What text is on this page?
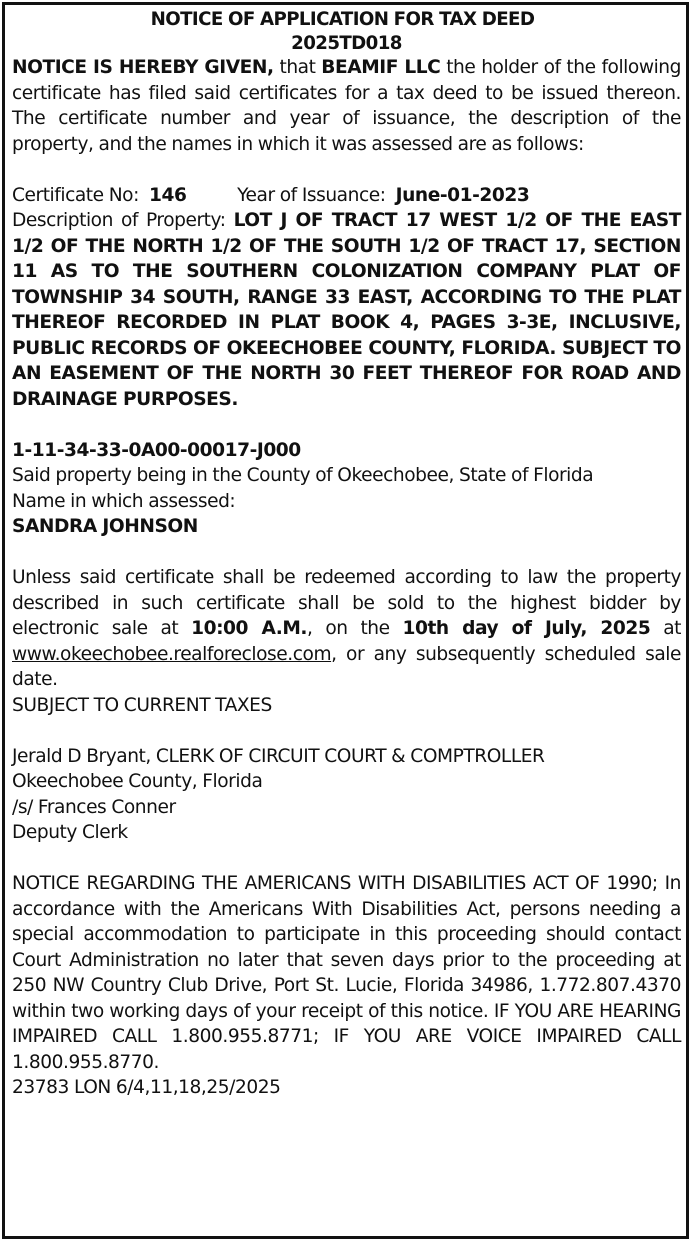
NOTICE OF APPLICATION FOR TAX DEED
2025TD018

NOTICE IS HEREBY GIVEN, that BEAMIF LLC the holder of the following certificate has filed said certificates for a tax deed to be issued thereon. The certificate number and year of issuance, the description of the property, and the names in which it was assessed are as follows:

Certificate No: 146	Year of Issuance: June-01-2023

Description of Property: LOT J OF TRACT 17 WEST 1/2 OF THE EAST 1/2 OF THE NORTH 1/2 OF THE SOUTH 1/2 OF TRACT 17, SECTION 11 AS TO THE SOUTHERN COLONIZATION COMPANY PLAT OF TOWNSHIP 34 SOUTH, RANGE 33 EAST, ACCORDING TO THE PLAT THEREOF RECORDED IN PLAT BOOK 4, PAGES 3-3E, INCLUSIVE, PUBLIC RECORDS OF OKEECHOBEE COUNTY, FLORIDA. SUBJECT TO AN EASEMENT OF THE NORTH 30 FEET THEREOF FOR ROAD AND DRAINAGE PURPOSES.

1-11-34-33-0A00-00017-J000
Said property being in the County of Okeechobee, State of Florida
Name in which assessed:
SANDRA JOHNSON

Unless said certificate shall be redeemed according to law the property described in such certificate shall be sold to the highest bidder by electronic sale at 10:00 A.M., on the 10th day of July, 2025 at www.okeechobee.realforeclose.com, or any subsequently scheduled sale date.

SUBJECT TO CURRENT TAXES
Jerald D Bryant, CLERK OF CIRCUIT COURT & COMPTROLLER
Okeechobee County, Florida
/s/ Frances Conner
Deputy Clerk

NOTICE REGARDING THE AMERICANS WITH DISABILITIES ACT OF 1990; In accordance with the Americans With Disabilities Act, persons needing a special accommodation to participate in this proceeding should contact Court Administration no later that seven days prior to the proceeding at 250 NW Country Club Drive, Port St. Lucie, Florida 34986, 1.772.807.4370 within two working days of your receipt of this notice. IF YOU ARE HEARING IMPAIRED CALL 1.800.955.8771; IF YOU ARE VOICE IMPAIRED CALL

1.800.955.8770.
23783 LON 6/4,11,18,25/2025
